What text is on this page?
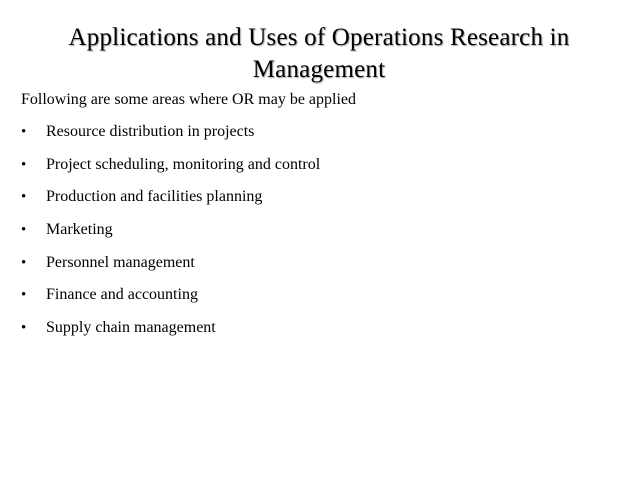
Applications and Uses of Operations Research in
Management

Following are some areas where OR may be applied

•	Resource distribution in projects
•	Project scheduling, monitoring and control
•	Production and facilities planning
•	Marketing
•	Personnel management
•	Finance and accounting
•	Supply chain management
